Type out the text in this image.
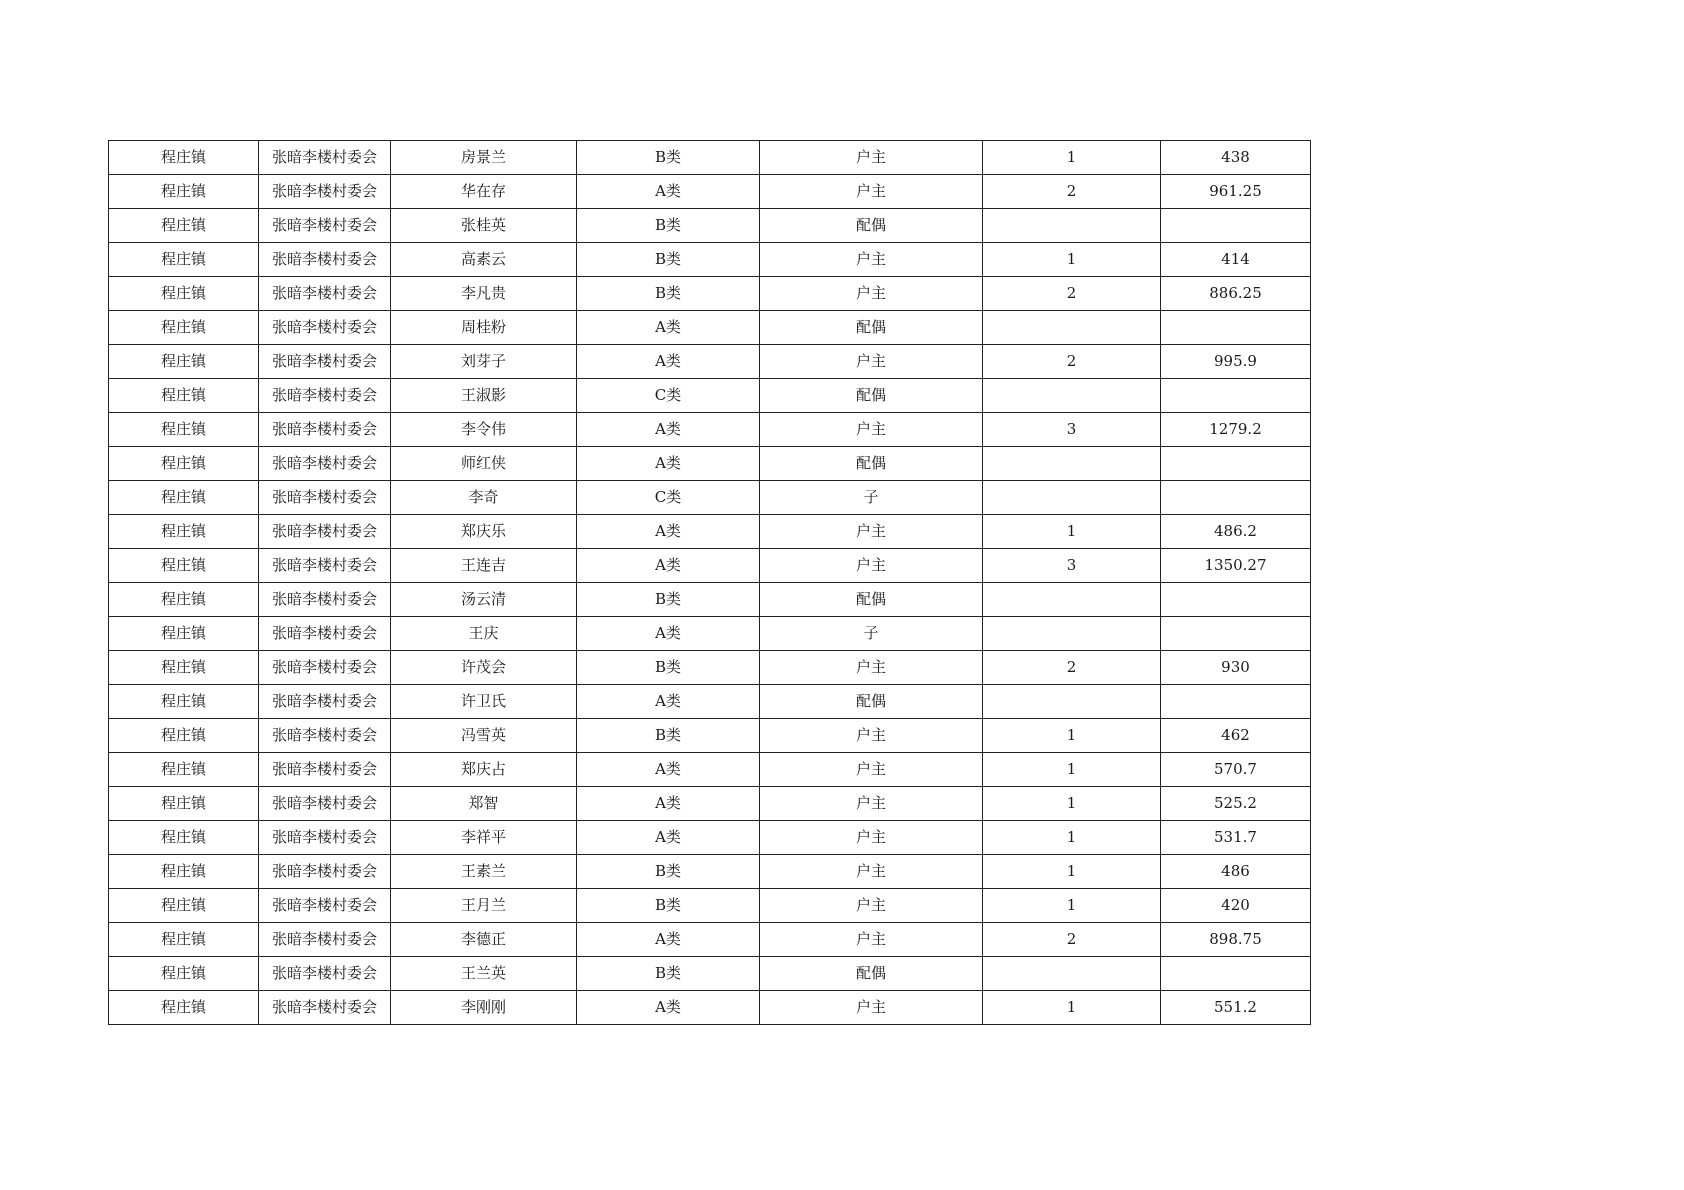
程庄镇	张暗李楼村委会	房景兰	B类	户主	1	438
程庄镇	张暗李楼村委会	华在存	A类	户主	2	961.25
程庄镇	张暗李楼村委会	张桂英	B类	配偶		
程庄镇	张暗李楼村委会	高素云	B类	户主	1	414
程庄镇	张暗李楼村委会	李凡贵	B类	户主	2	886.25
程庄镇	张暗李楼村委会	周桂粉	A类	配偶		
程庄镇	张暗李楼村委会	刘芽子	A类	户主	2	995.9
程庄镇	张暗李楼村委会	王淑影	C类	配偶		
程庄镇	张暗李楼村委会	李令伟	A类	户主	3	1279.2
程庄镇	张暗李楼村委会	师红侠	A类	配偶		
程庄镇	张暗李楼村委会	李奇	C类	子		
程庄镇	张暗李楼村委会	郑庆乐	A类	户主	1	486.2
程庄镇	张暗李楼村委会	王连吉	A类	户主	3	1350.27
程庄镇	张暗李楼村委会	汤云清	B类	配偶		
程庄镇	张暗李楼村委会	王庆	A类	子		
程庄镇	张暗李楼村委会	许茂会	B类	户主	2	930
程庄镇	张暗李楼村委会	许卫氏	A类	配偶		
程庄镇	张暗李楼村委会	冯雪英	B类	户主	1	462
程庄镇	张暗李楼村委会	郑庆占	A类	户主	1	570.7
程庄镇	张暗李楼村委会	郑智	A类	户主	1	525.2
程庄镇	张暗李楼村委会	李祥平	A类	户主	1	531.7
程庄镇	张暗李楼村委会	王素兰	B类	户主	1	486
程庄镇	张暗李楼村委会	王月兰	B类	户主	1	420
程庄镇	张暗李楼村委会	李德正	A类	户主	2	898.75
程庄镇	张暗李楼村委会	王兰英	B类	配偶		
程庄镇	张暗李楼村委会	李刚刚	A类	户主	1	551.2
